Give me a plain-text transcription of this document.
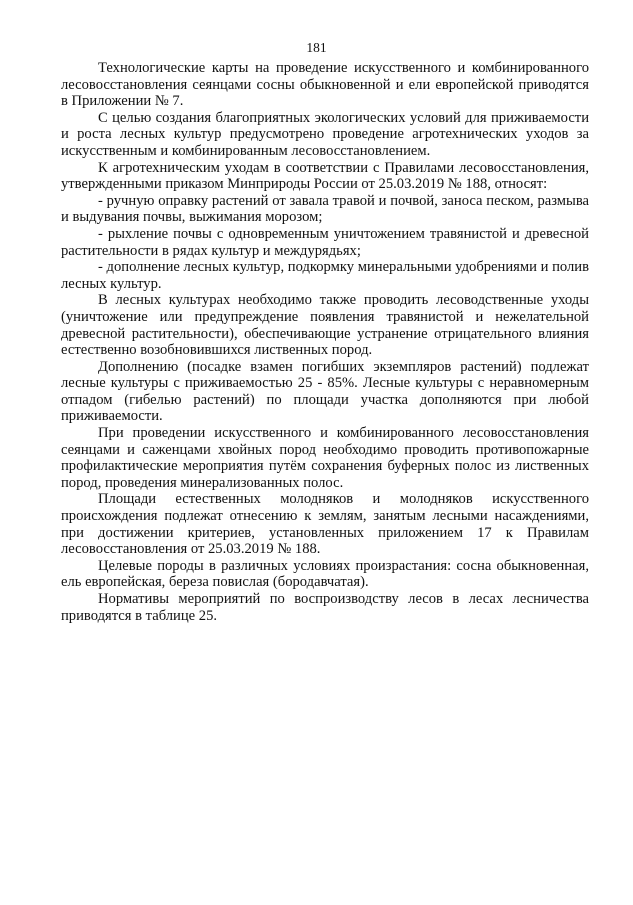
181

Технологические карты на проведение искусственного и комбинированного лесовосстановления сеянцами сосны обыкновенной и ели европейской приводятся в Приложении № 7.

С целью создания благоприятных экологических условий для приживаемости и роста лесных культур предусмотрено проведение агротехнических уходов за искусственным и комбинированным лесовосстановлением.

К агротехническим уходам в соответствии с Правилами лесовосстановления, утвержденными приказом Минприроды России от 25.03.2019 № 188, относят:

- ручную оправку растений от завала травой и почвой, заноса песком, размыва и выдувания почвы, выжимания морозом;

- рыхление почвы с одновременным уничтожением травянистой и древесной растительности в рядах культур и междурядьях;

- дополнение лесных культур, подкормку минеральными удобрениями и полив лесных культур.

В лесных культурах необходимо также проводить лесоводственные уходы (уничтожение или предупреждение появления травянистой и нежелательной древесной растительности), обеспечивающие устранение отрицательного влияния естественно возобновившихся лиственных пород.

Дополнению (посадке взамен погибших экземпляров растений) подлежат лесные культуры с приживаемостью 25 - 85%. Лесные культуры с неравномерным отпадом (гибелью растений) по площади участка дополняются при любой приживаемости.

При проведении искусственного и комбинированного лесовосстановления сеянцами и саженцами хвойных пород необходимо проводить противопожарные профилактические мероприятия путём сохранения буферных полос из лиственных пород, проведения минерализованных полос.

Площади естественных молодняков и молодняков искусственного происхождения подлежат отнесению к землям, занятым лесными насаждениями, при достижении критериев, установленных приложением 17 к Правилам лесовосстановления от 25.03.2019 № 188.

Целевые породы в различных условиях произрастания: сосна обыкновенная, ель европейская, береза повислая (бородавчатая).

Нормативы мероприятий по воспроизводству лесов в лесах лесничества приводятся в таблице 25.
